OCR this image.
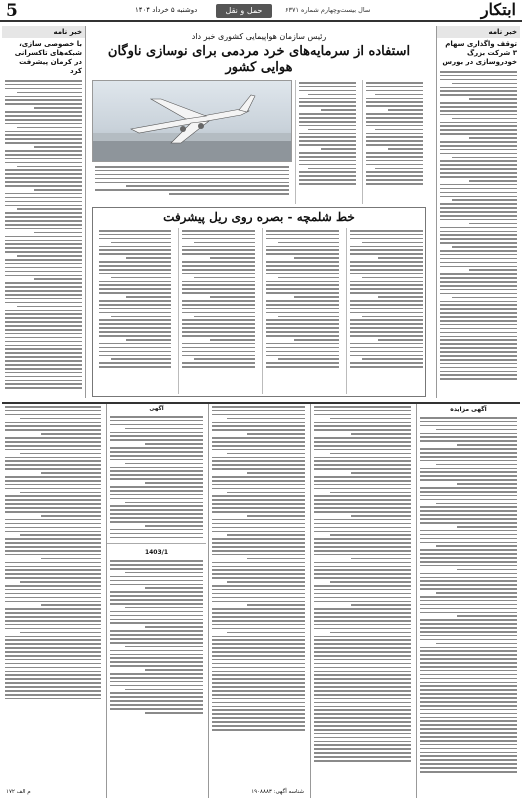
5	دوشنبه ۵ خرداد ۱۴۰۴	حمل و نقل	سال بیست‌وچهارم شماره ۶۳۷۱	ابتکار
خبر نامه
توقف واگذاری سهام ۳ شرکت بزرگ خودروسازی در بورس
خبر نامه
با خصوصی سازی، شبکه‌های تاکسرانی در کرمان پیشرفت کرد
رئیس سازمان هواپیمایی کشوری خبر داد
استفاده از سرمایه‌های خرد مردمی برای نوسازی ناوگان هوایی کشور
خط شلمچه - بصره روی ریل پیشرفت
آگهی مزایده
شناسه آگهی: ۱۹۰۸۸۸۳
آگهی
1403/1
م الف ۱۷۲
